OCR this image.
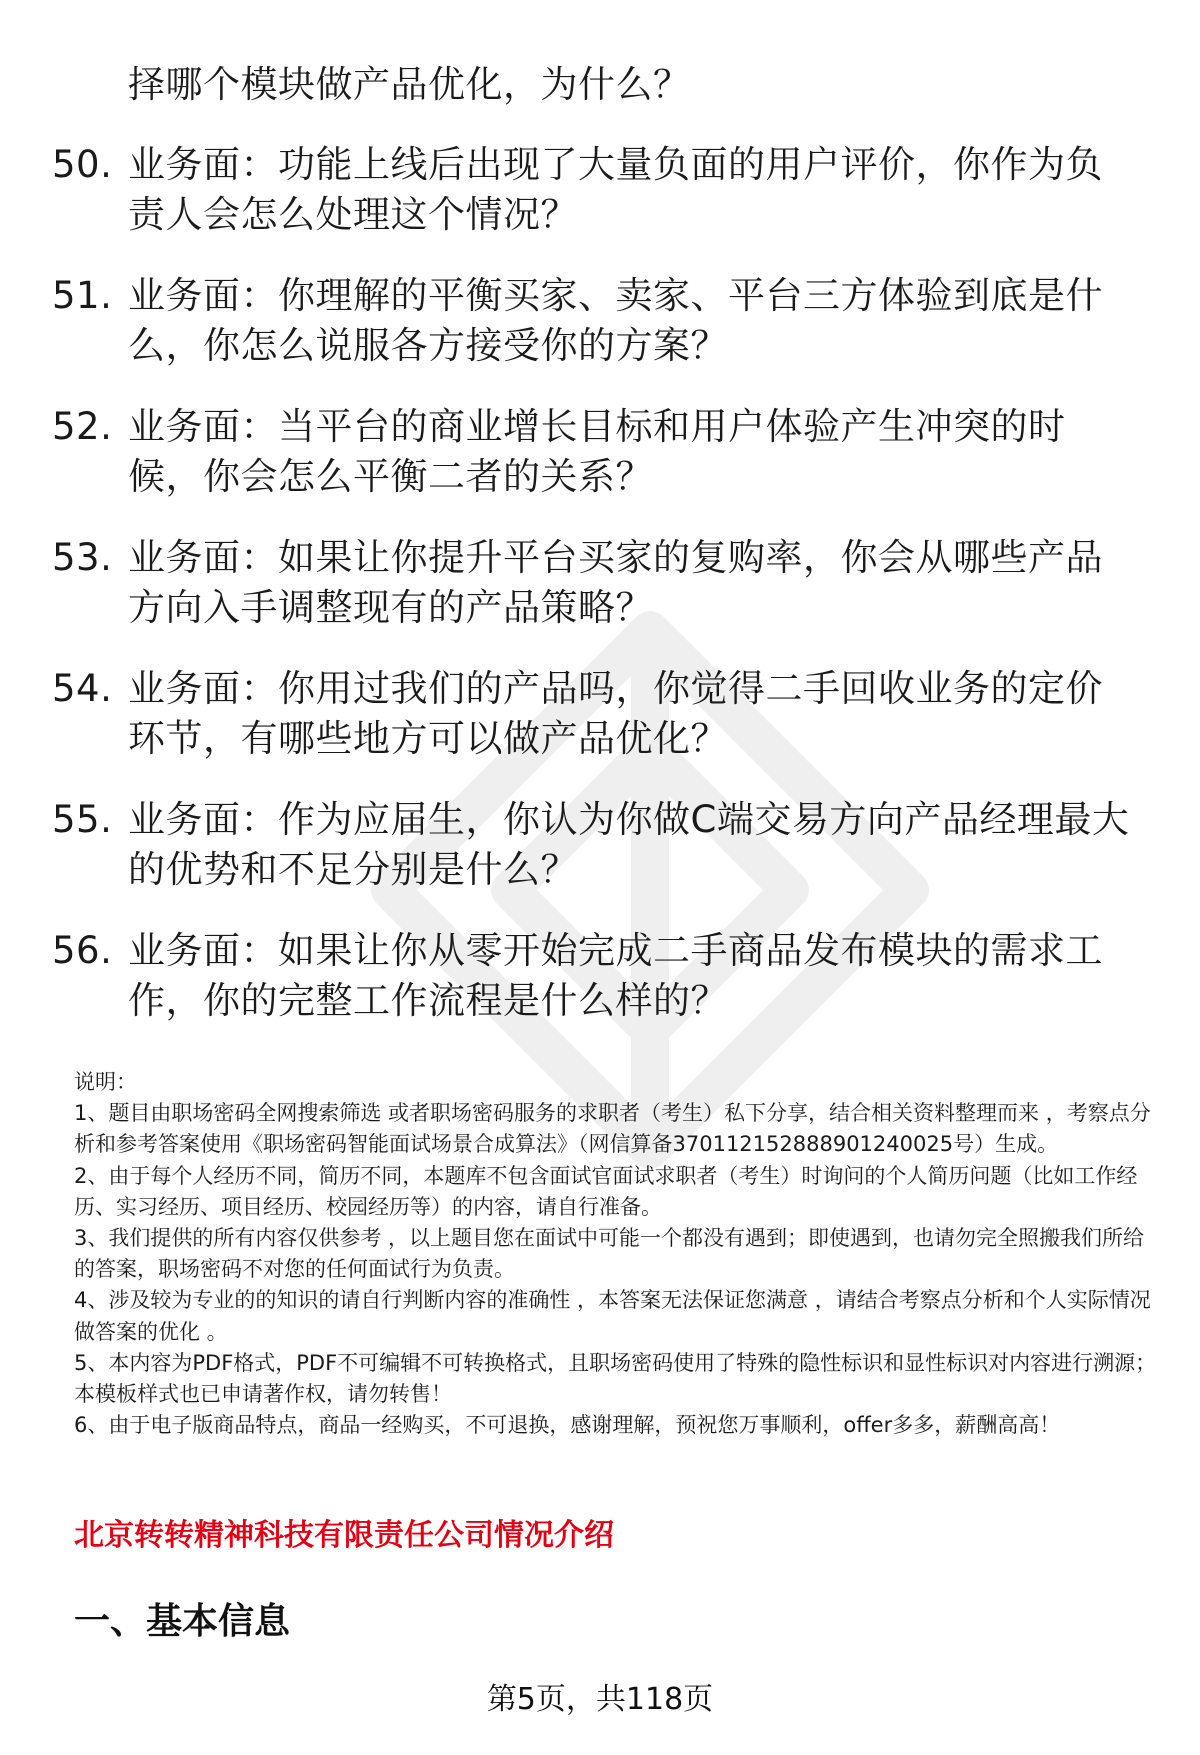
择哪个模块做产品优化，为什么？
50. 业务面：功能上线后出现了大量负面的用户评价，你作为负责人会怎么处理这个情况？
51. 业务面：你理解的平衡买家、卖家、平台三方体验到底是什么，你怎么说服各方接受你的方案？
52. 业务面：当平台的商业增长目标和用户体验产生冲突的时候，你会怎么平衡二者的关系？
53. 业务面：如果让你提升平台买家的复购率，你会从哪些产品方向入手调整现有的产品策略？
54. 业务面：你用过我们的产品吗，你觉得二手回收业务的定价环节，有哪些地方可以做产品优化？
55. 业务面：作为应届生，你认为你做C端交易方向产品经理最大的优势和不足分别是什么？
56. 业务面：如果让你从零开始完成二手商品发布模块的需求工作，你的完整工作流程是什么样的？

说明：

1、题目由职场密码全网搜索筛选 或者职场密码服务的求职者（考生）私下分享，结合相关资料整理而来 ，考察点分析和参考答案使用《职场密码智能面试场景合成算法》（网信算备370112152888901240025号）生成。

2、由于每个人经历不同，简历不同，本题库不包含面试官面试求职者（考生）时询问的个人简历问题（比如工作经历、实习经历、项目经历、校园经历等）的内容，请自行准备。

3、我们提供的所有内容仅供参考 ，以上题目您在面试中可能一个都没有遇到；即使遇到，也请勿完全照搬我们所给的答案，职场密码不对您的任何面试行为负责。

4、涉及较为专业的的知识的请自行判断内容的准确性 ，本答案无法保证您满意 ，请结合考察点分析和个人实际情况做答案的优化 。

5、本内容为PDF格式，PDF不可编辑不可转换格式，且职场密码使用了特殊的隐性标识和显性标识对内容进行溯源；本模板样式也已申请著作权，请勿转售！

6、由于电子版商品特点，商品一经购买，不可退换，感谢理解，预祝您万事顺利，offer多多，薪酬高高！

北京转转精神科技有限责任公司情况介绍
一、基本信息
第5页，共118页
